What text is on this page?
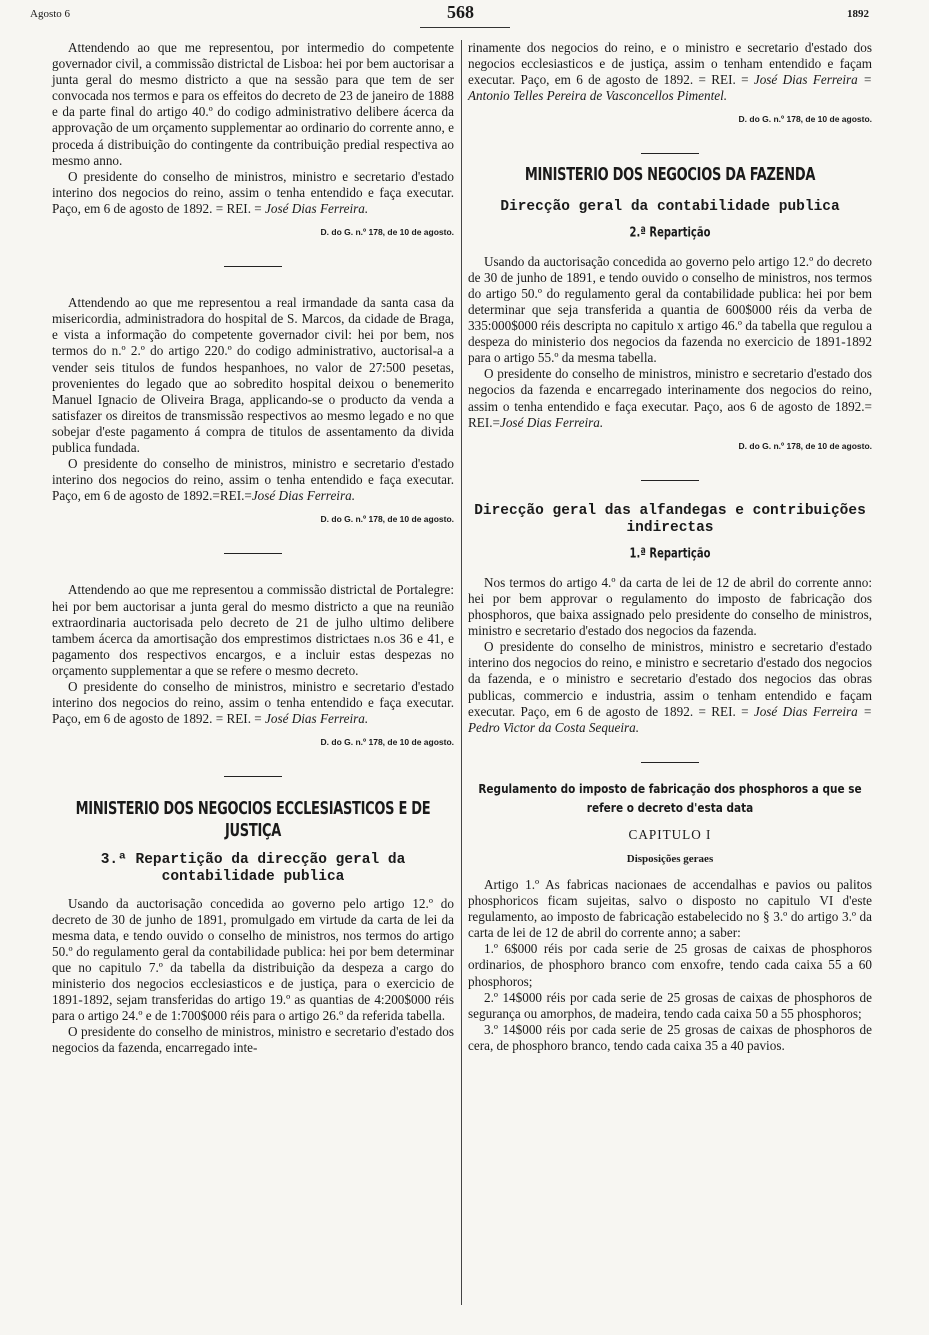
Agosto 6	568	1892

Attendendo ao que me representou, por intermedio do competente governador civil, a commissão districtal de Lisboa: hei por bem auctorisar a junta geral do mesmo districto a que na sessão para que tem de ser convocada nos termos e para os effeitos do decreto de 23 de janeiro de 1888 e da parte final do artigo 40.º do codigo administrativo delibere ácerca da approvação de um orçamento supplementar ao ordinario do corrente anno, e proceda á distribuição do contingente da contribuição predial respectiva ao mesmo anno.

O presidente do conselho de ministros, ministro e secretario d'estado interino dos negocios do reino, assim o tenha entendido e faça executar. Paço, em 6 de agosto de 1892. = REI. = José Dias Ferreira.

D. do G. n.º 178, de 10 de agosto.

Attendendo ao que me representou a real irmandade da santa casa da misericordia, administradora do hospital de S. Marcos, da cidade de Braga, e vista a informação do competente governador civil: hei por bem, nos termos do n.º 2.º do artigo 220.º do codigo administrativo, auctorisal-a a vender seis titulos de fundos hespanhoes, no valor de 27:500 pesetas, provenientes do legado que ao sobredito hospital deixou o benemerito Manuel Ignacio de Oliveira Braga, applicando-se o producto da venda a satisfazer os direitos de transmissão respectivos ao mesmo legado e no que sobejar d'este pagamento á compra de titulos de assentamento da divida publica fundada.

O presidente do conselho de ministros, ministro e secretario d'estado interino dos negocios do reino, assim o tenha entendido e faça executar. Paço, em 6 de agosto de 1892.=REI.=José Dias Ferreira.

D. do G. n.º 178, de 10 de agosto.

Attendendo ao que me representou a commissão districtal de Portalegre: hei por bem auctorisar a junta geral do mesmo districto a que na reunião extraordinaria auctorisada pelo decreto de 21 de julho ultimo delibere tambem ácerca da amortisação dos emprestimos districtaes n.os 36 e 41, e pagamento dos respectivos encargos, e a incluir estas despezas no orçamento supplementar a que se refere o mesmo decreto.

O presidente do conselho de ministros, ministro e secretario d'estado interino dos negocios do reino, assim o tenha entendido e faça executar. Paço, em 6 de agosto de 1892. = REI. = José Dias Ferreira.

D. do G. n.º 178, de 10 de agosto.
MINISTERIO DOS NEGOCIOS ECCLESIASTICOS E DE JUSTIÇA
3.ª Repartição da direcção geral da contabilidade publica

Usando da auctorisação concedida ao governo pelo artigo 12.º do decreto de 30 de junho de 1891, promulgado em virtude da carta de lei da mesma data, e tendo ouvido o conselho de ministros, nos termos do artigo 50.º do regulamento geral da contabilidade publica: hei por bem determinar que no capitulo 7.º da tabella da distribuição da despeza a cargo do ministerio dos negocios ecclesiasticos e de justiça, para o exercicio de 1891-1892, sejam transferidas do artigo 19.º as quantias de 4:200$000 réis para o artigo 24.º e de 1:700$000 réis para o artigo 26.º da referida tabella.

O presidente do conselho de ministros, ministro e secretario d'estado dos negocios da fazenda, encarregado inte-

rinamente dos negocios do reino, e o ministro e secretario d'estado dos negocios ecclesiasticos e de justiça, assim o tenham entendido e façam executar. Paço, em 6 de agosto de 1892. = REI. = José Dias Ferreira = Antonio Telles Pereira de Vasconcellos Pimentel.

D. do G. n.º 178, de 10 de agosto.
MINISTERIO DOS NEGOCIOS DA FAZENDA
Direcção geral da contabilidade publica
2.ª Repartição

Usando da auctorisação concedida ao governo pelo artigo 12.º do decreto de 30 de junho de 1891, e tendo ouvido o conselho de ministros, nos termos do artigo 50.º do regulamento geral da contabilidade publica: hei por bem determinar que seja transferida a quantia de 600$000 réis da verba de 335:000$000 réis descripta no capitulo x artigo 46.º da tabella que regulou a despeza do ministerio dos negocios da fazenda no exercicio de 1891-1892 para o artigo 55.º da mesma tabella.

O presidente do conselho de ministros, ministro e secretario d'estado dos negocios da fazenda e encarregado interinamente dos negocios do reino, assim o tenha entendido e faça executar. Paço, aos 6 de agosto de 1892.= REI.=José Dias Ferreira.

D. do G. n.º 178, de 10 de agosto.
Direcção geral das alfandegas e contribuições indirectas
1.ª Repartição

Nos termos do artigo 4.º da carta de lei de 12 de abril do corrente anno: hei por bem approvar o regulamento do imposto de fabricação dos phosphoros, que baixa assignado pelo presidente do conselho de ministros, ministro e secretario d'estado dos negocios da fazenda.

O presidente do conselho de ministros, ministro e secretario d'estado interino dos negocios do reino, e ministro e secretario d'estado dos negocios da fazenda, e o ministro e secretario d'estado dos negocios das obras publicas, commercio e industria, assim o tenham entendido e façam executar. Paço, em 6 de agosto de 1892. = REI. = José Dias Ferreira = Pedro Victor da Costa Sequeira.

Regulamento do imposto de fabricação dos phosphoros a que se refere o decreto d'esta data
CAPITULO I
Disposições geraes

Artigo 1.º As fabricas nacionaes de accendalhas e pavios ou palitos phosphoricos ficam sujeitas, salvo o disposto no capitulo VI d'este regulamento, ao imposto de fabricação estabelecido no § 3.º do artigo 3.º da carta de lei de 12 de abril do corrente anno; a saber:

1.º 6$000 réis por cada serie de 25 grosas de caixas de phosphoros ordinarios, de phosphoro branco com enxofre, tendo cada caixa 55 a 60 phosphoros;

2.º 14$000 réis por cada serie de 25 grosas de caixas de phosphoros de segurança ou amorphos, de madeira, tendo cada caixa 50 a 55 phosphoros;

3.º 14$000 réis por cada serie de 25 grosas de caixas de phosphoros de cera, de phosphoro branco, tendo cada caixa 35 a 40 pavios.
